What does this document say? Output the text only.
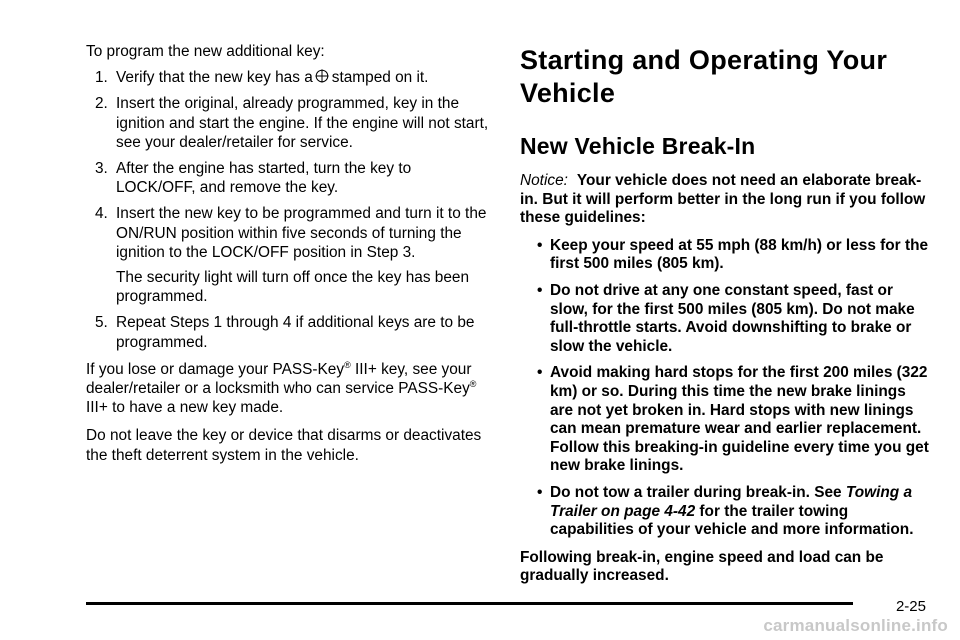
To program the new additional key:

1. Verify that the new key has a stamped on it.
2. Insert the original, already programmed, key in the ignition and start the engine. If the engine will not start, see your dealer/retailer for service.
3. After the engine has started, turn the key to LOCK/OFF, and remove the key.
4. Insert the new key to be programmed and turn it to the ON/RUN position within five seconds of turning the ignition to the LOCK/OFF position in Step 3.

The security light will turn off once the key has been programmed.

5. Repeat Steps 1 through 4 if additional keys are to be programmed.

If you lose or damage your PASS-Key® III+ key, see your dealer/retailer or a locksmith who can service PASS-Key® III+ to have a new key made.

Do not leave the key or device that disarms or deactivates the theft deterrent system in the vehicle.

Starting and Operating Your
Vehicle
New Vehicle Break-In

Notice: Your vehicle does not need an elaborate break-in. But it will perform better in the long run if you follow these guidelines:

• Keep your speed at 55 mph (88 km/h) or less for the first 500 miles (805 km).
• Do not drive at any one constant speed, fast or slow, for the first 500 miles (805 km). Do not make full-throttle starts. Avoid downshifting to brake or slow the vehicle.
• Avoid making hard stops for the first 200 miles (322 km) or so. During this time the new brake linings are not yet broken in. Hard stops with new linings can mean premature wear and earlier replacement. Follow this breaking-in guideline every time you get new brake linings.
• Do not tow a trailer during break-in. See Towing a Trailer on page 4-42 for the trailer towing capabilities of your vehicle and more information.

Following break-in, engine speed and load can be gradually increased.

2-25
carmanualsonline.info
